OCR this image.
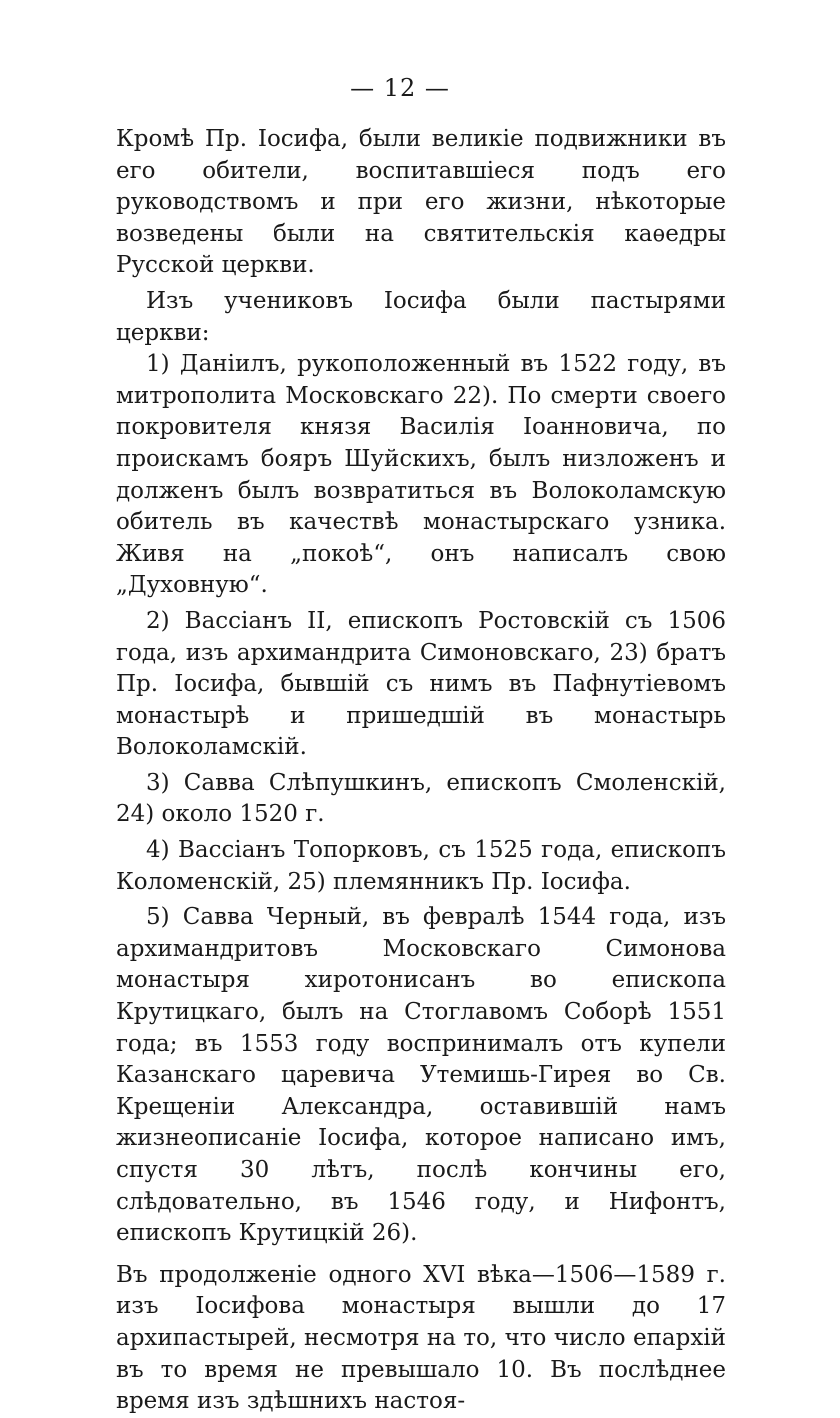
— 12 —

Кромѣ Пр. Іосифа, были великіе подвижники въ его обители, воспитавшіеся подъ его руководствомъ и при его жизни, нѣкоторые возведены были на святительскія каѳедры Русской церкви.

Изъ учениковъ Іосифа были пастырями церкви:

1) Даніилъ, рукоположенный въ 1522 году, въ митрополита Московскаго 22). По смерти своего покровителя князя Василія Іоанновича, по проискамъ бояръ Шуйскихъ, былъ низложенъ и долженъ былъ возвратиться въ Волоколамскую обитель въ качествѣ монастырскаго узника. Живя на „покоѣ“, онъ написалъ свою „Духовную“.

2) Вассіанъ II, епископъ Ростовскій съ 1506 года, изъ архимандрита Симоновскаго, 23) братъ Пр. Іосифа, бывшій съ нимъ въ Пафнутіевомъ монастырѣ и пришедшій въ монастырь Волоколамскій.

3) Савва Слѣпушкинъ, епископъ Смоленскій, 24) около 1520 г.

4) Вассіанъ Топорковъ, съ 1525 года, епископъ Коломенскій, 25) племянникъ Пр. Іосифа.

5) Савва Черный, въ февралѣ 1544 года, изъ архимандритовъ Московскаго Симонова монастыря хиротонисанъ во епископа Крутицкаго, былъ на Стоглавомъ Соборѣ 1551 года; въ 1553 году воспринималъ отъ купели Казанскаго царевича Утемишь-Гирея во Св. Крещеніи Александра, оставившій намъ жизнеописаніе Іосифа, которое написано имъ, спустя 30 лѣтъ, послѣ кончины его, слѣдовательно, въ 1546 году, и Нифонтъ, епископъ Крутицкій 26).

Въ продолженіе одного XVI вѣка—1506—1589 г. изъ Іосифова монастыря вышли до 17 архипастырей, несмотря на то, что число епархій въ то время не превышало 10. Въ послѣднее время изъ здѣшнихъ настоя-
